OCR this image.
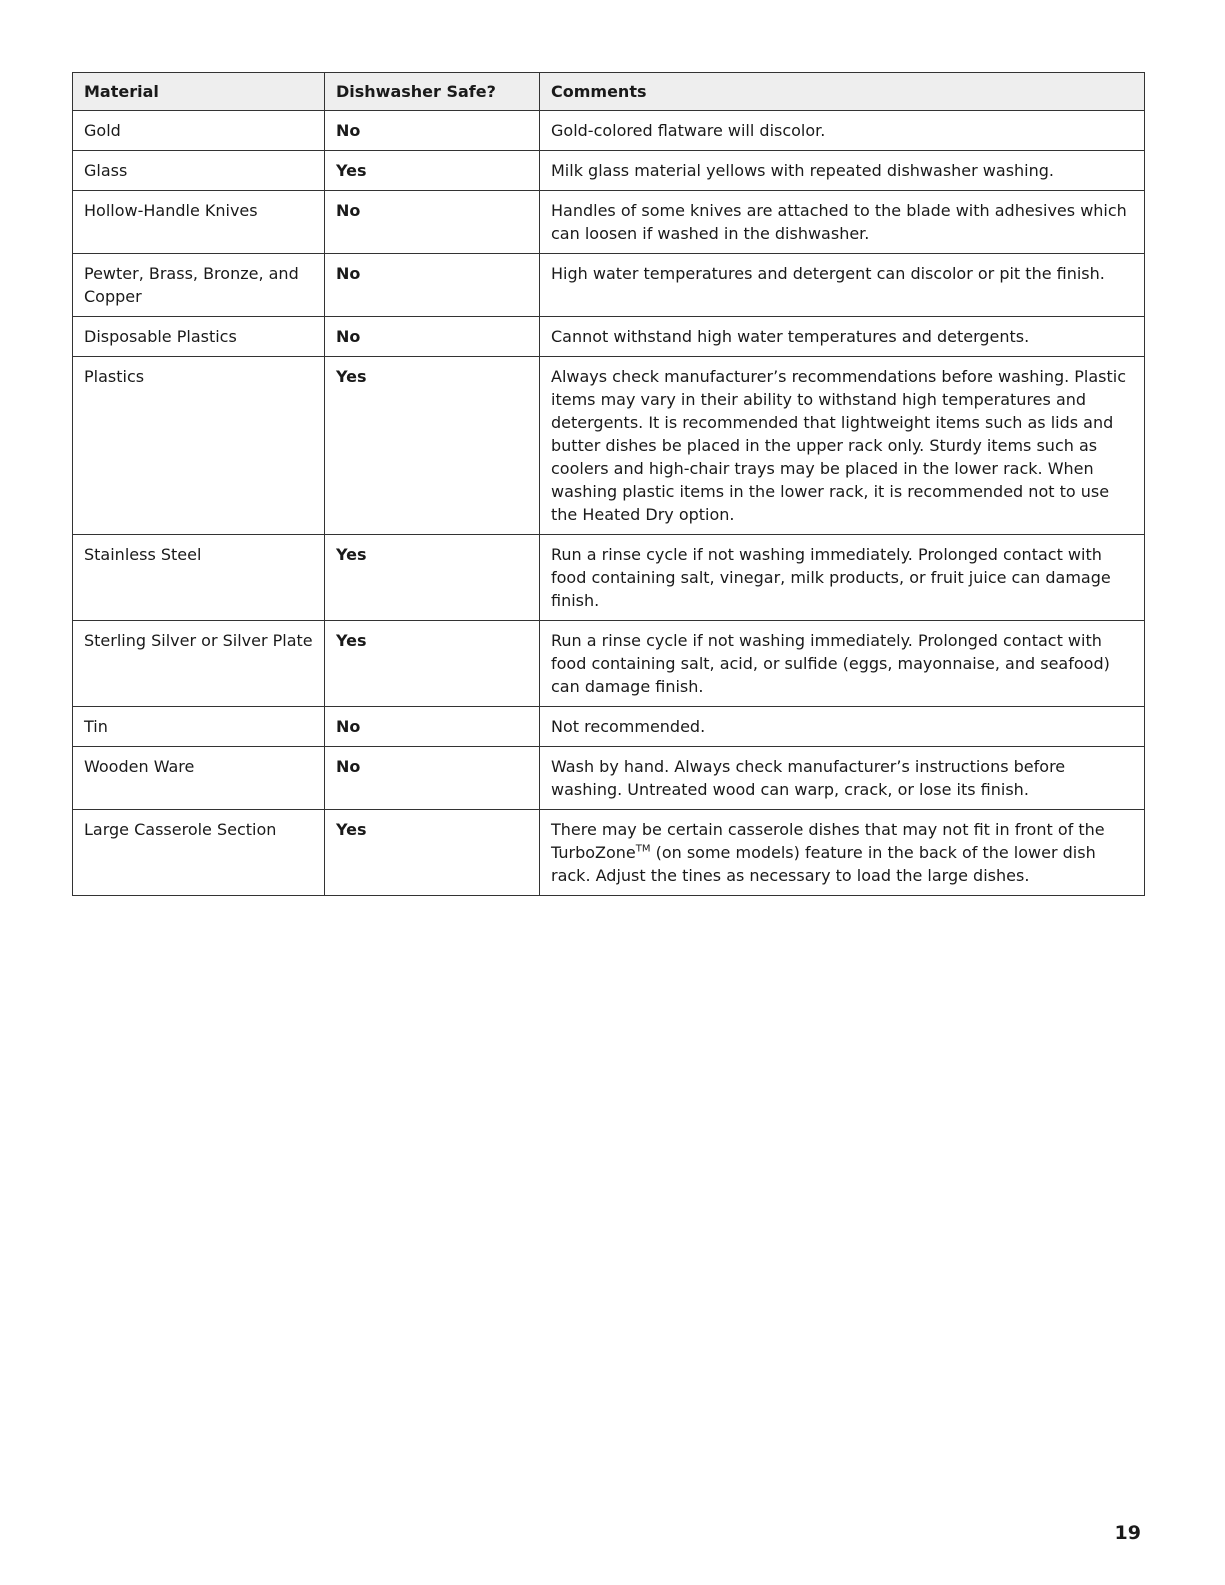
Material	Dishwasher Safe?	Comments
Gold	No	Gold-colored flatware will discolor.
Glass	Yes	Milk glass material yellows with repeated dishwasher washing.
Hollow-Handle Knives	No	Handles of some knives are attached to the blade with adhesives which can loosen if washed in the dishwasher.
Pewter, Brass, Bronze, and Copper	No	High water temperatures and detergent can discolor or pit the finish.
Disposable Plastics	No	Cannot withstand high water temperatures and detergents.
Plastics	Yes	Always check manufacturer’s recommendations before washing. Plastic items may vary in their ability to withstand high temperatures and detergents. It is recommended that lightweight items such as lids and butter dishes be placed in the upper rack only. Sturdy items such as coolers and high-chair trays may be placed in the lower rack. When washing plastic items in the lower rack, it is recommended not to use the Heated Dry option.
Stainless Steel	Yes	Run a rinse cycle if not washing immediately. Prolonged contact with food containing salt, vinegar, milk products, or fruit juice can damage finish.
Sterling Silver or Silver Plate	Yes	Run a rinse cycle if not washing immediately. Prolonged contact with food containing salt, acid, or sulfide (eggs, mayonnaise, and seafood) can damage finish.
Tin	No	Not recommended.
Wooden Ware	No	Wash by hand. Always check manufacturer’s instructions before washing. Untreated wood can warp, crack, or lose its finish.
Large Casserole Section	Yes	There may be certain casserole dishes that may not fit in front of the TurboZone™ (on some models) feature in the back of the lower dish rack. Adjust the tines as necessary to load the large dishes.
19
